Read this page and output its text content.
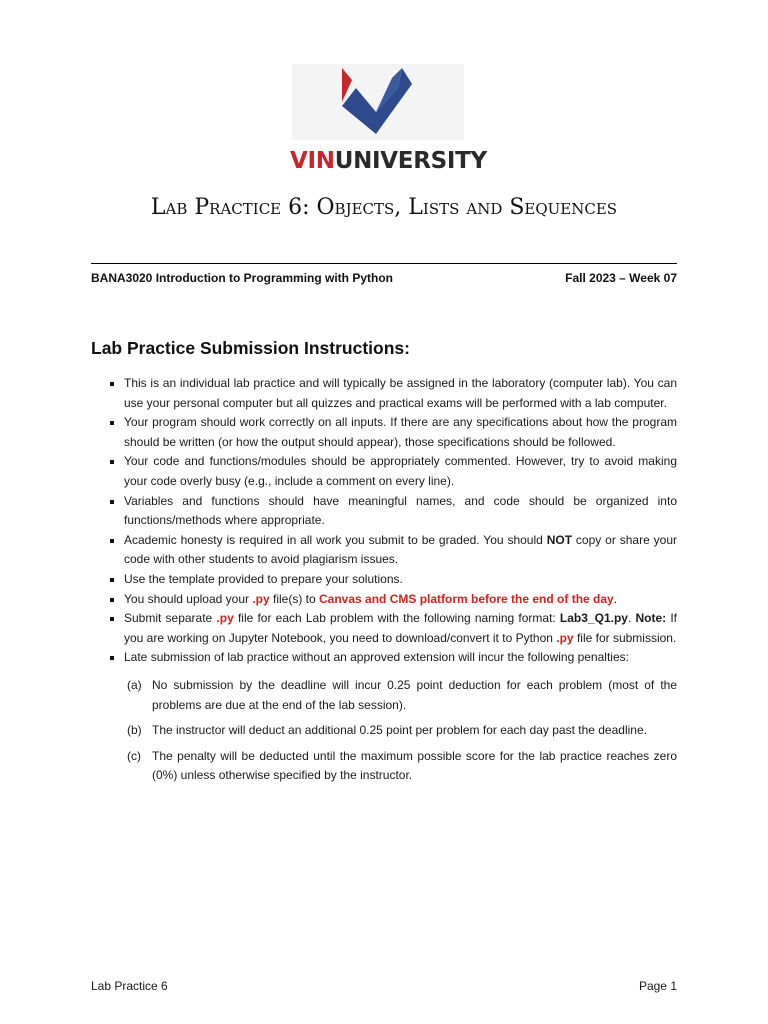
VINUNIVERSITY
Lab Practice 6: Objects, Lists and Sequences
BANA3020 Introduction to Programming with Python	Fall 2023 – Week 07
Lab Practice Submission Instructions:
This is an individual lab practice and will typically be assigned in the laboratory (computer lab). You can use your personal computer but all quizzes and practical exams will be performed with a lab computer.
Your program should work correctly on all inputs. If there are any specifications about how the program should be written (or how the output should appear), those specifications should be followed.
Your code and functions/modules should be appropriately commented. However, try to avoid making your code overly busy (e.g., include a comment on every line).
Variables and functions should have meaningful names, and code should be organized into functions/methods where appropriate.
Academic honesty is required in all work you submit to be graded. You should NOT copy or share your code with other students to avoid plagiarism issues.
Use the template provided to prepare your solutions.
You should upload your .py file(s) to Canvas and CMS platform before the end of the day.
Submit separate .py file for each Lab problem with the following naming format: Lab3_Q1.py. Note: If you are working on Jupyter Notebook, you need to download/convert it to Python .py file for submission.
Late submission of lab practice without an approved extension will incur the following penalties:
(a) No submission by the deadline will incur 0.25 point deduction for each problem (most of the problems are due at the end of the lab session).
(b) The instructor will deduct an additional 0.25 point per problem for each day past the deadline.
(c) The penalty will be deducted until the maximum possible score for the lab practice reaches zero (0%) unless otherwise specified by the instructor.
Lab Practice 6	Page 1
